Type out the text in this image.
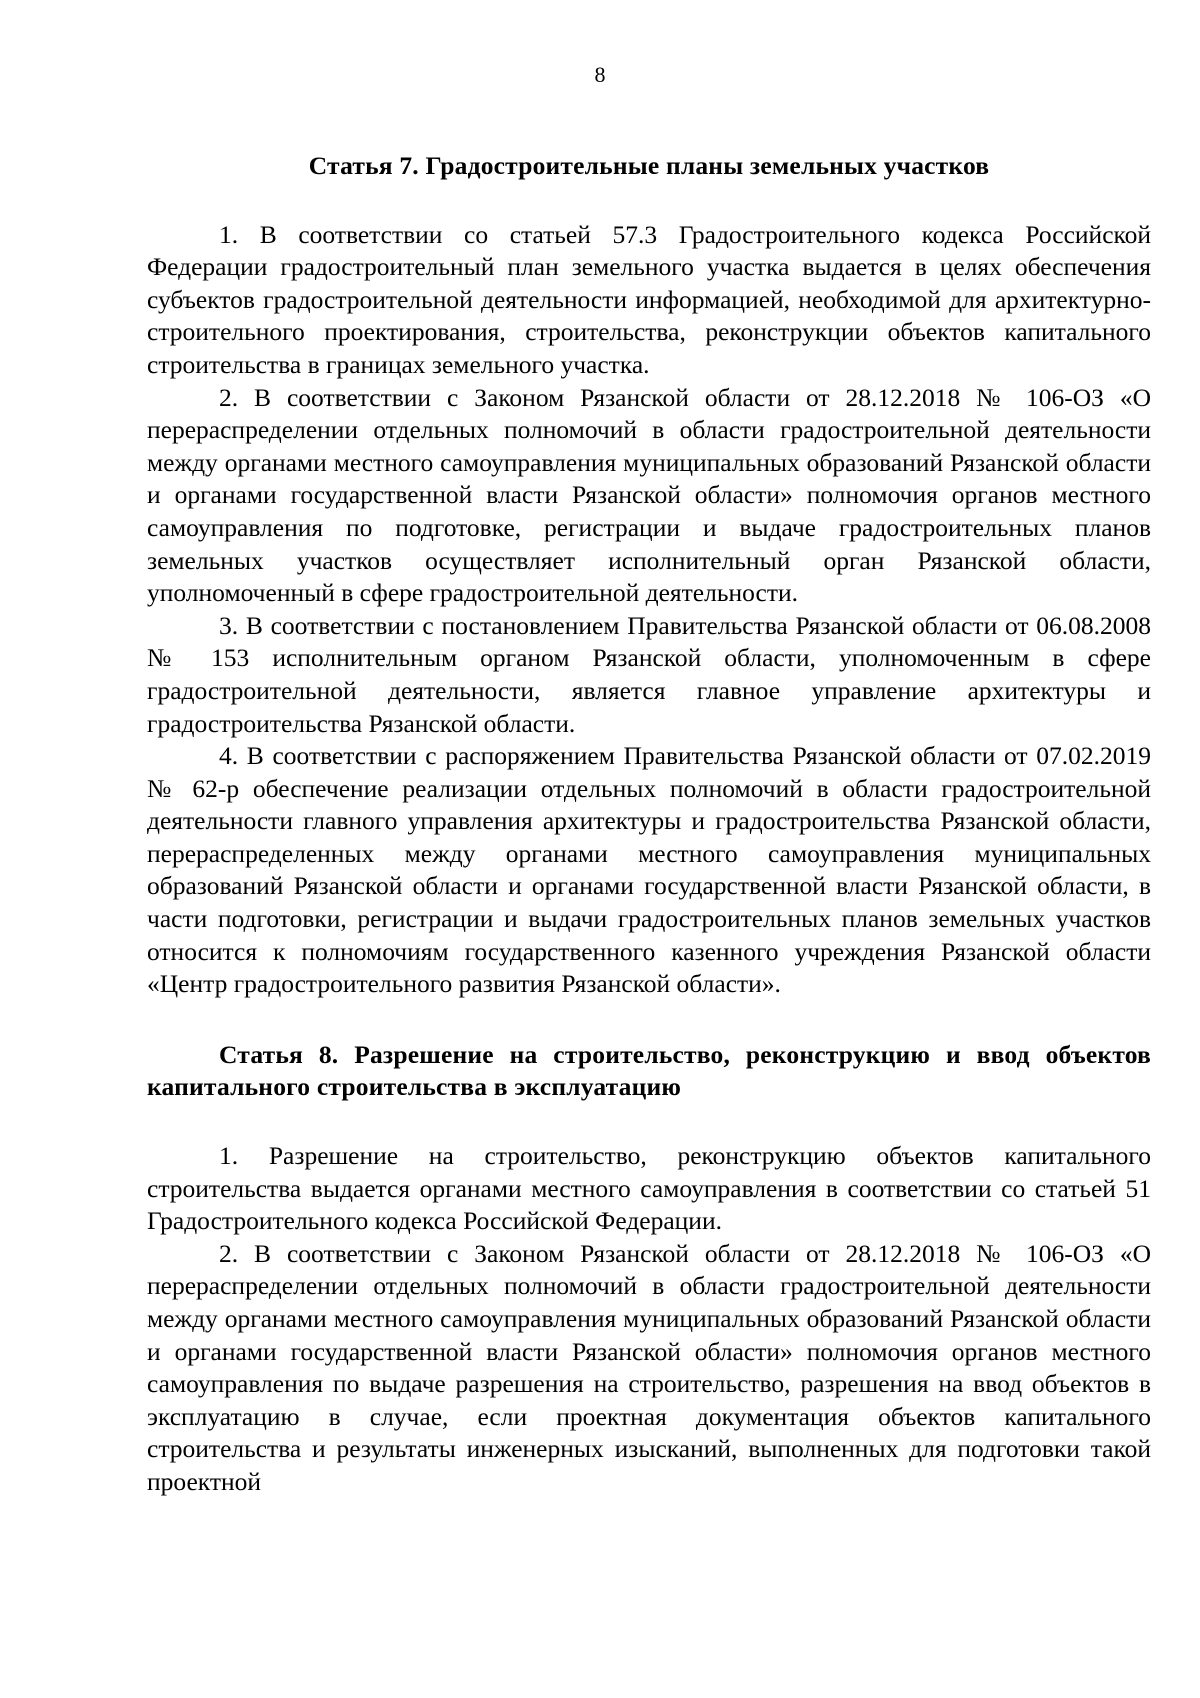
8

Статья 7. Градостроительные планы земельных участков

1. В соответствии со статьей 57.3 Градостроительного кодекса Российской Федерации градостроительный план земельного участка выдается в целях обеспечения субъектов градостроительной деятельности информацией, необходимой для архитектурно-строительного проектирования, строительства, реконструкции объектов капитального строительства в границах земельного участка.

2. В соответствии с Законом Рязанской области от 28.12.2018 № 106-ОЗ «О перераспределении отдельных полномочий в области градостроительной деятельности между органами местного самоуправления муниципальных образований Рязанской области и органами государственной власти Рязанской области» полномочия органов местного самоуправления по подготовке, регистрации и выдаче градостроительных планов земельных участков осуществляет исполнительный орган Рязанской области, уполномоченный в сфере градостроительной деятельности.

3. В соответствии с постановлением Правительства Рязанской области от 06.08.2008 № 153 исполнительным органом Рязанской области, уполномоченным в сфере градостроительной деятельности, является главное управление архитектуры и градостроительства Рязанской области.

4. В соответствии с распоряжением Правительства Рязанской области от 07.02.2019 № 62-р обеспечение реализации отдельных полномочий в области градостроительной деятельности главного управления архитектуры и градостроительства Рязанской области, перераспределенных между органами местного самоуправления муниципальных образований Рязанской области и органами государственной власти Рязанской области, в части подготовки, регистрации и выдачи градостроительных планов земельных участков относится к полномочиям государственного казенного учреждения Рязанской области «Центр градостроительного развития Рязанской области».

Статья 8. Разрешение на строительство, реконструкцию и ввод объектов капитального строительства в эксплуатацию

1. Разрешение на строительство, реконструкцию объектов капитального строительства выдается органами местного самоуправления в соответствии со статьей 51 Градостроительного кодекса Российской Федерации.

2. В соответствии с Законом Рязанской области от 28.12.2018 № 106-ОЗ «О перераспределении отдельных полномочий в области градостроительной деятельности между органами местного самоуправления муниципальных образований Рязанской области и органами государственной власти Рязанской области» полномочия органов местного самоуправления по выдаче разрешения на строительство, разрешения на ввод объектов в эксплуатацию в случае, если проектная документация объектов капитального строительства и результаты инженерных изысканий, выполненных для подготовки такой проектной
